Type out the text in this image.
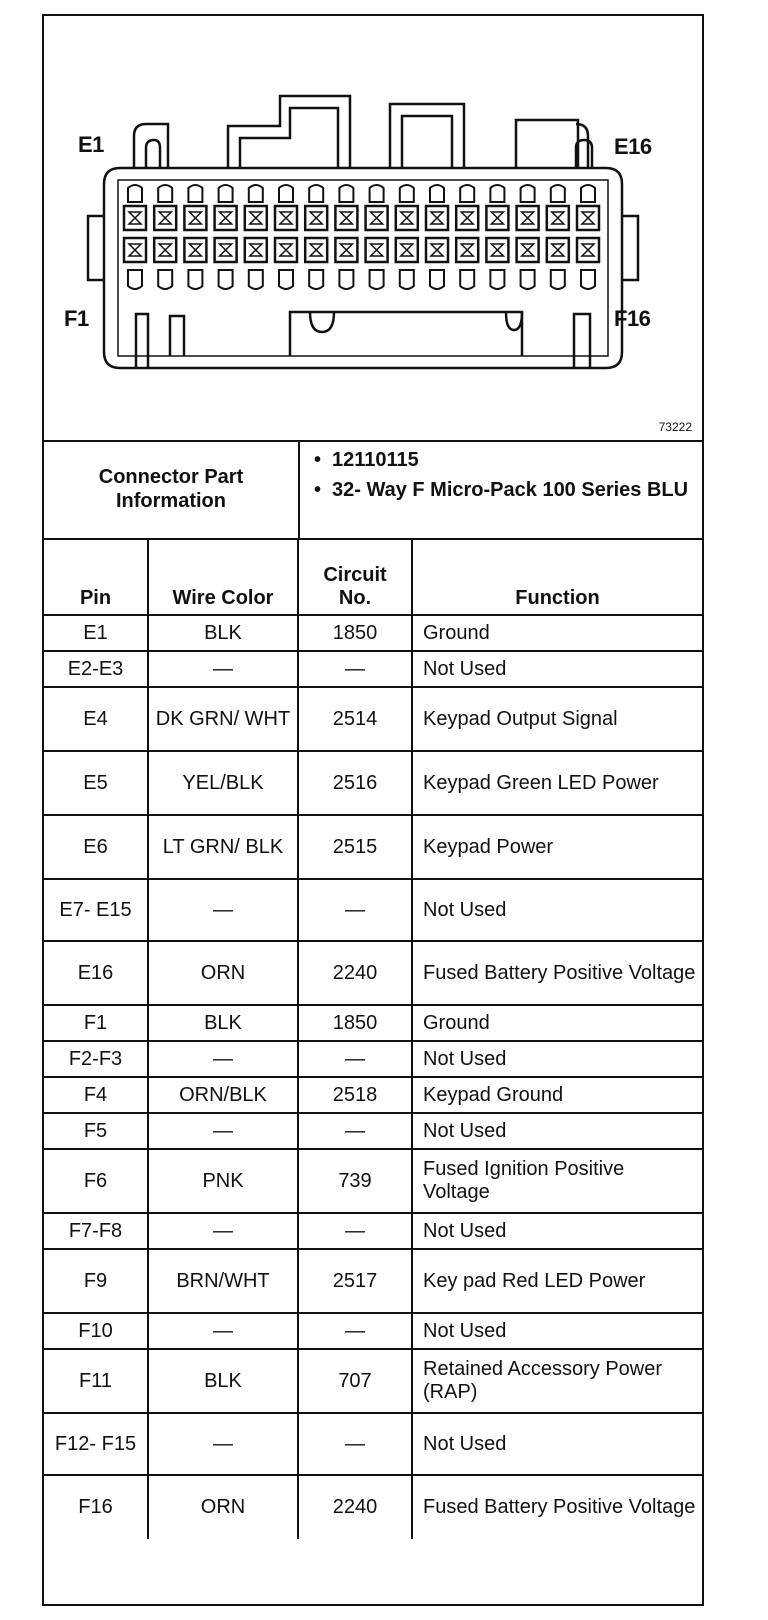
E1	E16
F1	F16
73222
Connector Part Information
• 12110115
• 32- Way F Micro-Pack 100 Series BLU
Pin	Wire Color	Circuit No.	Function
E1	BLK	1850	Ground
E2-E3	—	—	Not Used
E4	DK GRN/ WHT	2514	Keypad Output Signal
E5	YEL/BLK	2516	Keypad Green LED Power
E6	LT GRN/ BLK	2515	Keypad Power
E7- E15	—	—	Not Used
E16	ORN	2240	Fused Battery Positive Voltage
F1	BLK	1850	Ground
F2-F3	—	—	Not Used
F4	ORN/BLK	2518	Keypad Ground
F5	—	—	Not Used
F6	PNK	739	Fused Ignition Positive Voltage
F7-F8	—	—	Not Used
F9	BRN/WHT	2517	Key pad Red LED Power
F10	—	—	Not Used
F11	BLK	707	Retained Accessory Power (RAP)
F12- F15	—	—	Not Used
F16	ORN	2240	Fused Battery Positive Voltage
